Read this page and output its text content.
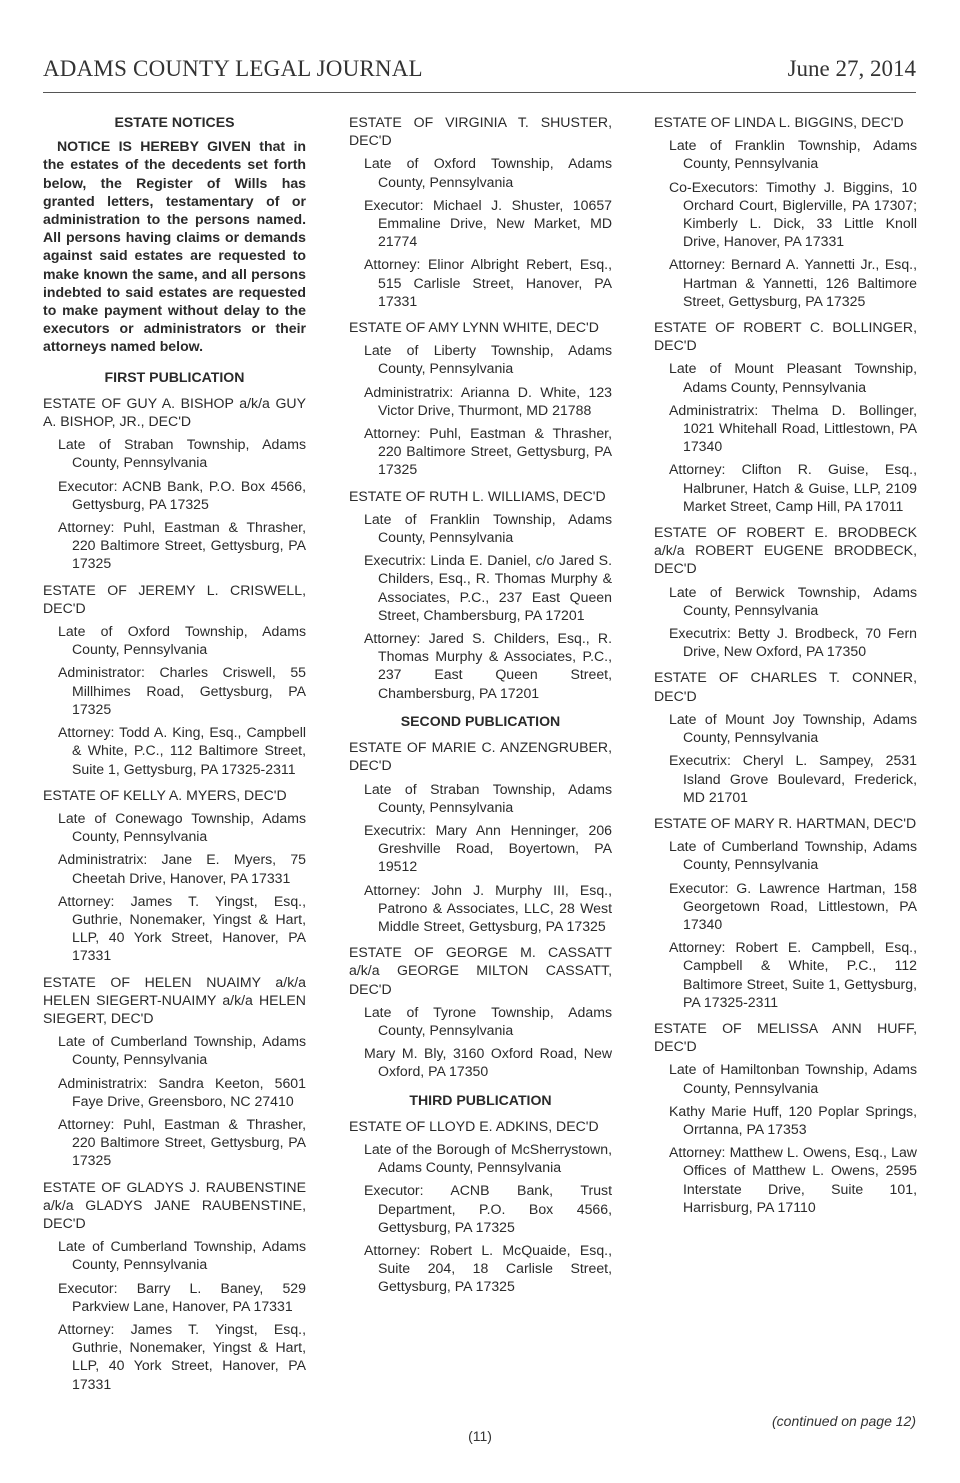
ADAMS COUNTY LEGAL JOURNAL	June 27, 2014
ESTATE NOTICES

NOTICE IS HEREBY GIVEN that in the estates of the decedents set forth below, the Register of Wills has granted letters, testamentary of or administration to the persons named. All persons having claims or demands against said estates are requested to make known the same, and all persons indebted to said estates are requested to make payment without delay to the executors or administrators or their attorneys named below.

FIRST PUBLICATION
ESTATE OF GUY A. BISHOP a/k/a GUY A. BISHOP, JR., DEC'D
Late of Straban Township, Adams County, Pennsylvania
Executor: ACNB Bank, P.O. Box 4566, Gettysburg, PA 17325
Attorney: Puhl, Eastman & Thrasher, 220 Baltimore Street, Gettysburg, PA 17325
ESTATE OF JEREMY L. CRISWELL, DEC'D
Late of Oxford Township, Adams County, Pennsylvania
Administrator: Charles Criswell, 55 Millhimes Road, Gettysburg, PA 17325
Attorney: Todd A. King, Esq., Campbell & White, P.C., 112 Baltimore Street, Suite 1, Gettysburg, PA 17325-2311
ESTATE OF KELLY A. MYERS, DEC'D
Late of Conewago Township, Adams County, Pennsylvania
Administratrix: Jane E. Myers, 75 Cheetah Drive, Hanover, PA 17331
Attorney: James T. Yingst, Esq., Guthrie, Nonemaker, Yingst & Hart, LLP, 40 York Street, Hanover, PA 17331
ESTATE OF HELEN NUAIMY a/k/a HELEN SIEGERT-NUAIMY a/k/a HELEN SIEGERT, DEC'D
Late of Cumberland Township, Adams County, Pennsylvania
Administratrix: Sandra Keeton, 5601 Faye Drive, Greensboro, NC 27410
Attorney: Puhl, Eastman & Thrasher, 220 Baltimore Street, Gettysburg, PA 17325
ESTATE OF GLADYS J. RAUBENSTINE a/k/a GLADYS JANE RAUBENSTINE, DEC'D
Late of Cumberland Township, Adams County, Pennsylvania
Executor: Barry L. Baney, 529 Parkview Lane, Hanover, PA 17331
Attorney: James T. Yingst, Esq., Guthrie, Nonemaker, Yingst & Hart, LLP, 40 York Street, Hanover, PA 17331
ESTATE OF VIRGINIA T. SHUSTER, DEC'D
Late of Oxford Township, Adams County, Pennsylvania
Executor: Michael J. Shuster, 10657 Emmaline Drive, New Market, MD 21774
Attorney: Elinor Albright Rebert, Esq., 515 Carlisle Street, Hanover, PA 17331
ESTATE OF AMY LYNN WHITE, DEC'D
Late of Liberty Township, Adams County, Pennsylvania
Administratrix: Arianna D. White, 123 Victor Drive, Thurmont, MD 21788
Attorney: Puhl, Eastman & Thrasher, 220 Baltimore Street, Gettysburg, PA 17325
ESTATE OF RUTH L. WILLIAMS, DEC'D
Late of Franklin Township, Adams County, Pennsylvania
Executrix: Linda E. Daniel, c/o Jared S. Childers, Esq., R. Thomas Murphy & Associates, P.C., 237 East Queen Street, Chambersburg, PA 17201
Attorney: Jared S. Childers, Esq., R. Thomas Murphy & Associates, P.C., 237 East Queen Street, Chambersburg, PA 17201
SECOND PUBLICATION
ESTATE OF MARIE C. ANZENGRUBER, DEC'D
Late of Straban Township, Adams County, Pennsylvania
Executrix: Mary Ann Henninger, 206 Greshville Road, Boyertown, PA 19512
Attorney: John J. Murphy III, Esq., Patrono & Associates, LLC, 28 West Middle Street, Gettysburg, PA 17325
ESTATE OF GEORGE M. CASSATT a/k/a GEORGE MILTON CASSATT, DEC'D
Late of Tyrone Township, Adams County, Pennsylvania
Mary M. Bly, 3160 Oxford Road, New Oxford, PA 17350
THIRD PUBLICATION
ESTATE OF LLOYD E. ADKINS, DEC'D
Late of the Borough of McSherrystown, Adams County, Pennsylvania
Executor: ACNB Bank, Trust Department, P.O. Box 4566, Gettysburg, PA 17325
Attorney: Robert L. McQuaide, Esq., Suite 204, 18 Carlisle Street, Gettysburg, PA 17325
ESTATE OF LINDA L. BIGGINS, DEC'D
Late of Franklin Township, Adams County, Pennsylvania
Co-Executors: Timothy J. Biggins, 10 Orchard Court, Biglerville, PA 17307; Kimberly L. Dick, 33 Little Knoll Drive, Hanover, PA 17331
Attorney: Bernard A. Yannetti Jr., Esq., Hartman & Yannetti, 126 Baltimore Street, Gettysburg, PA 17325
ESTATE OF ROBERT C. BOLLINGER, DEC'D
Late of Mount Pleasant Township, Adams County, Pennsylvania
Administratrix: Thelma D. Bollinger, 1021 Whitehall Road, Littlestown, PA 17340
Attorney: Clifton R. Guise, Esq., Halbruner, Hatch & Guise, LLP, 2109 Market Street, Camp Hill, PA 17011
ESTATE OF ROBERT E. BRODBECK a/k/a ROBERT EUGENE BRODBECK, DEC'D
Late of Berwick Township, Adams County, Pennsylvania
Executrix: Betty J. Brodbeck, 70 Fern Drive, New Oxford, PA 17350
ESTATE OF CHARLES T. CONNER, DEC'D
Late of Mount Joy Township, Adams County, Pennsylvania
Executrix: Cheryl L. Sampey, 2531 Island Grove Boulevard, Frederick, MD 21701
ESTATE OF MARY R. HARTMAN, DEC'D
Late of Cumberland Township, Adams County, Pennsylvania
Executor: G. Lawrence Hartman, 158 Georgetown Road, Littlestown, PA 17340
Attorney: Robert E. Campbell, Esq., Campbell & White, P.C., 112 Baltimore Street, Suite 1, Gettysburg, PA 17325-2311
ESTATE OF MELISSA ANN HUFF, DEC'D
Late of Hamiltonban Township, Adams County, Pennsylvania
Kathy Marie Huff, 120 Poplar Springs, Orrtanna, PA 17353
Attorney: Matthew L. Owens, Esq., Law Offices of Matthew L. Owens, 2595 Interstate Drive, Suite 101, Harrisburg, PA 17110
(continued on page 12)
(11)
